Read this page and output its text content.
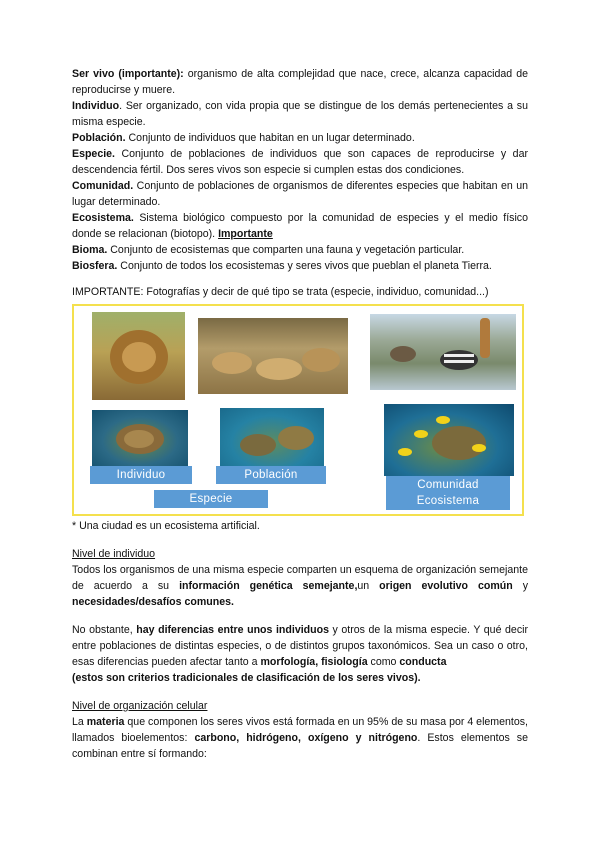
Ser vivo (importante): organismo de alta complejidad que nace, crece, alcanza capacidad de reproducirse y muere.

Individuo. Ser organizado, con vida propia que se distingue de los demás pertenecientes a su misma especie.

Población. Conjunto de individuos que habitan en un lugar determinado.

Especie. Conjunto de poblaciones de individuos que son capaces de reproducirse y dar descendencia fértil. Dos seres vivos son especie si cumplen estas dos condiciones.

Comunidad. Conjunto de poblaciones de organismos de diferentes especies que habitan en un lugar determinado.

Ecosistema. Sistema biológico compuesto por la comunidad de especies y el medio físico donde se relacionan (biotopo). Importante

Bioma. Conjunto de ecosistemas que comparten una fauna y vegetación particular.

Biosfera. Conjunto de todos los ecosistemas y seres vivos que pueblan el planeta Tierra.

IMPORTANTE: Fotografías y decir de qué tipo se trata (especie, individuo, comunidad...)

Individuo	Población
Especie
Comunidad
Ecosistema

* Una ciudad es un ecosistema artificial.

Nivel de individuo

Todos los organismos de una misma especie comparten un esquema de organización semejante de acuerdo a su información genética semejante,un origen evolutivo común y necesidades/desafíos comunes.

No obstante, hay diferencias entre unos individuos y otros de la misma especie. Y qué decir entre poblaciones de distintas especies, o de distintos grupos taxonómicos. Sea un caso o otro, esas diferencias pueden afectar tanto a morfología, fisiología como conducta
(estos son criterios tradicionales de clasificación de los seres vivos).

Nivel de organización celular

La materia que componen los seres vivos está formada en un 95% de su masa por 4 elementos, llamados bioelementos: carbono, hidrógeno, oxígeno y nitrógeno. Estos elementos se combinan entre sí formando:
